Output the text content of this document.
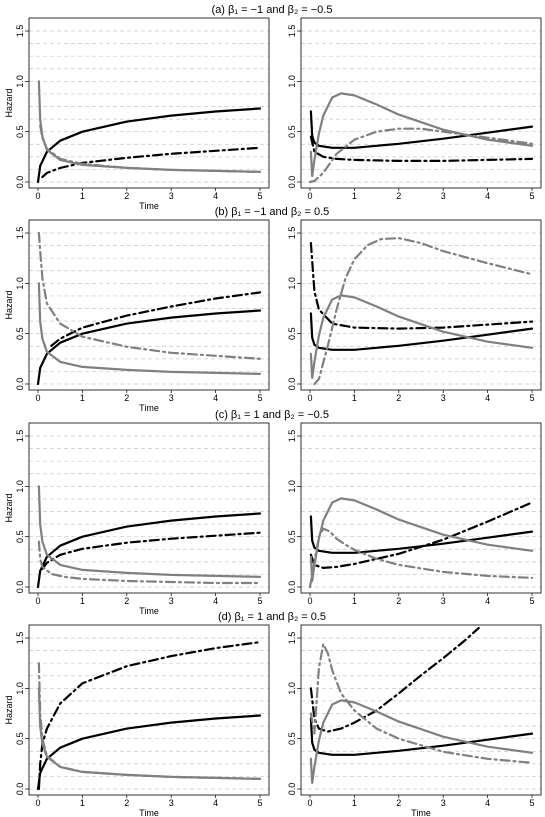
(a) β₁ = −1 and β₂ = −0.5
0.0
0.5
1.0
1.5
0	1	2	3	4	5
Time
Hazard
0.0
0.5
1.0
1.5
0	1	2	3	4	5
(b) β₁ = −1 and β₂ = 0.5
0.0
0.5
1.0
1.5
0	1	2	3	4	5
Time
Hazard
0.0
0.5
1.0
1.5
0	1	2	3	4	5
(c) β₁ = 1 and β₂ = −0.5
0.0
0.5
1.0
1.5
0	1	2	3	4	5
Time
Hazard
0.0
0.5
1.0
1.5
0	1	2	3	4	5
(d) β₁ = 1 and β₂ = 0.5
0.0
0.5
1.0
1.5
0	1	2	3	4	5
Time
Hazard
0.0
0.5
1.0
1.5
0	1	2	3	4	5
Time
